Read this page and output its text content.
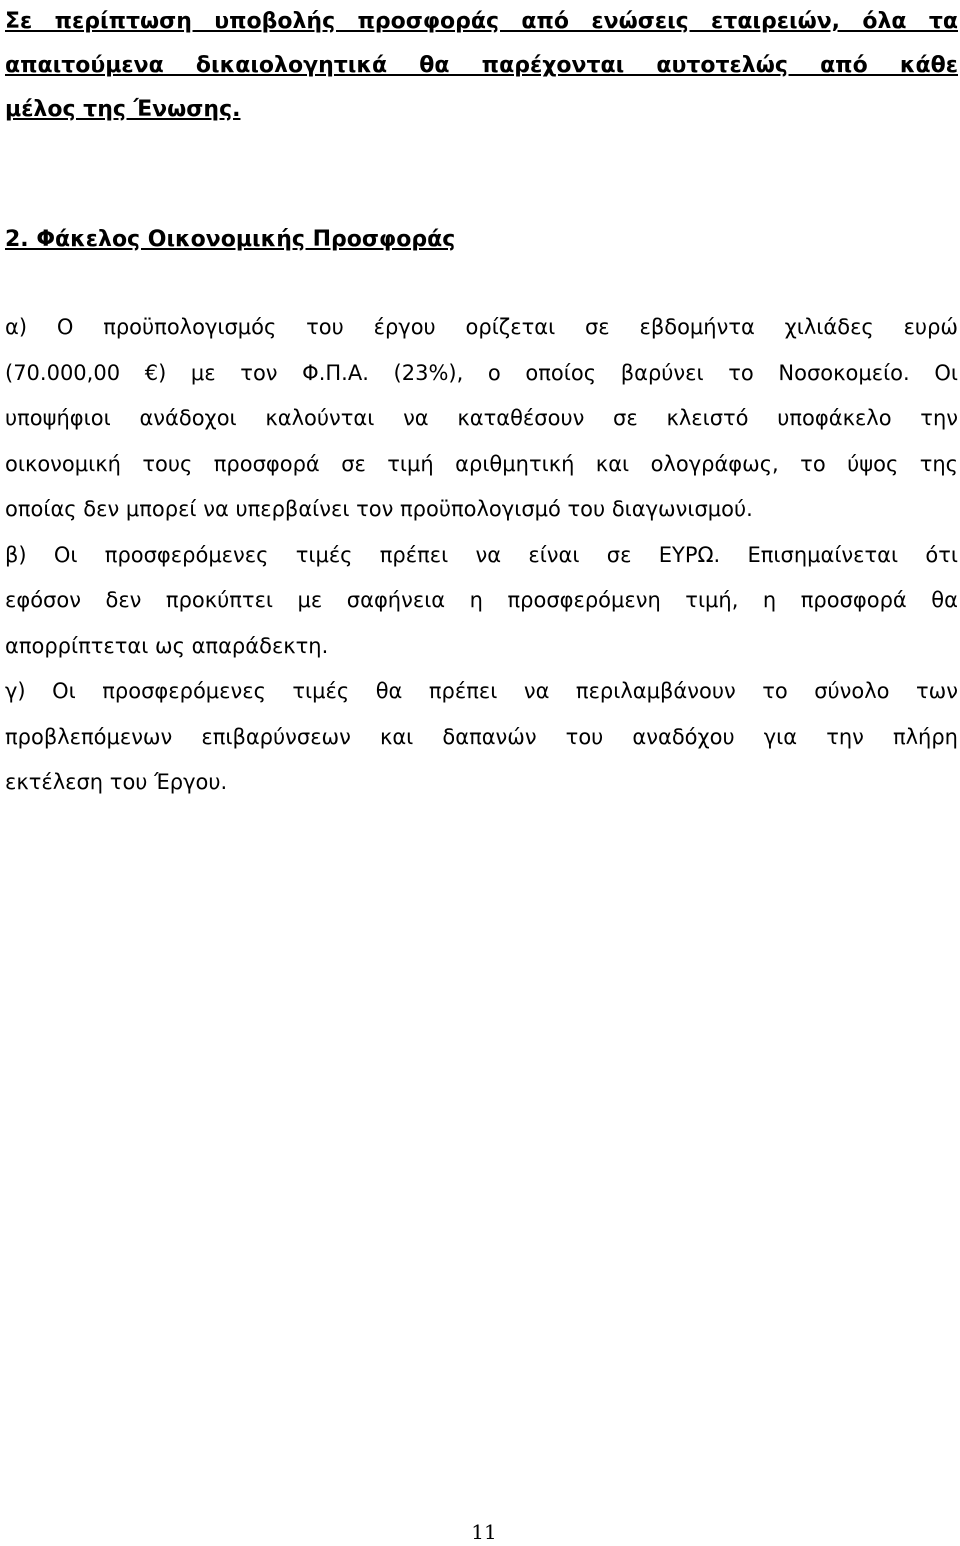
Σε περίπτωση υποβολής προσφοράς από ενώσεις εταιρειών, όλα τα
απαιτούμενα δικαιολογητικά θα παρέχονται αυτοτελώς από κάθε
μέλος της Ένωσης.

2. Φάκελος Οικονομικής Προσφοράς

α) Ο προϋπολογισμός του έργου ορίζεται σε εβδομήντα χιλιάδες ευρώ
(70.000,00 €) με τον Φ.Π.Α. (23%), ο οποίος βαρύνει το Νοσοκομείο. Οι
υποψήφιοι ανάδοχοι καλούνται να καταθέσουν σε κλειστό υποφάκελο την
οικονομική τους προσφορά σε τιμή αριθμητική και ολογράφως, το ύψος της
οποίας δεν μπορεί να υπερβαίνει τον προϋπολογισμό του διαγωνισμού.

β) Οι προσφερόμενες τιμές πρέπει να είναι σε ΕΥΡΩ. Επισημαίνεται ότι
εφόσον δεν προκύπτει με σαφήνεια η προσφερόμενη τιμή, η προσφορά θα
απορρίπτεται ως απαράδεκτη.

γ) Οι προσφερόμενες τιμές θα πρέπει να περιλαμβάνουν το σύνολο των
προβλεπόμενων επιβαρύνσεων και δαπανών του αναδόχου για την πλήρη
εκτέλεση του Έργου.

11
